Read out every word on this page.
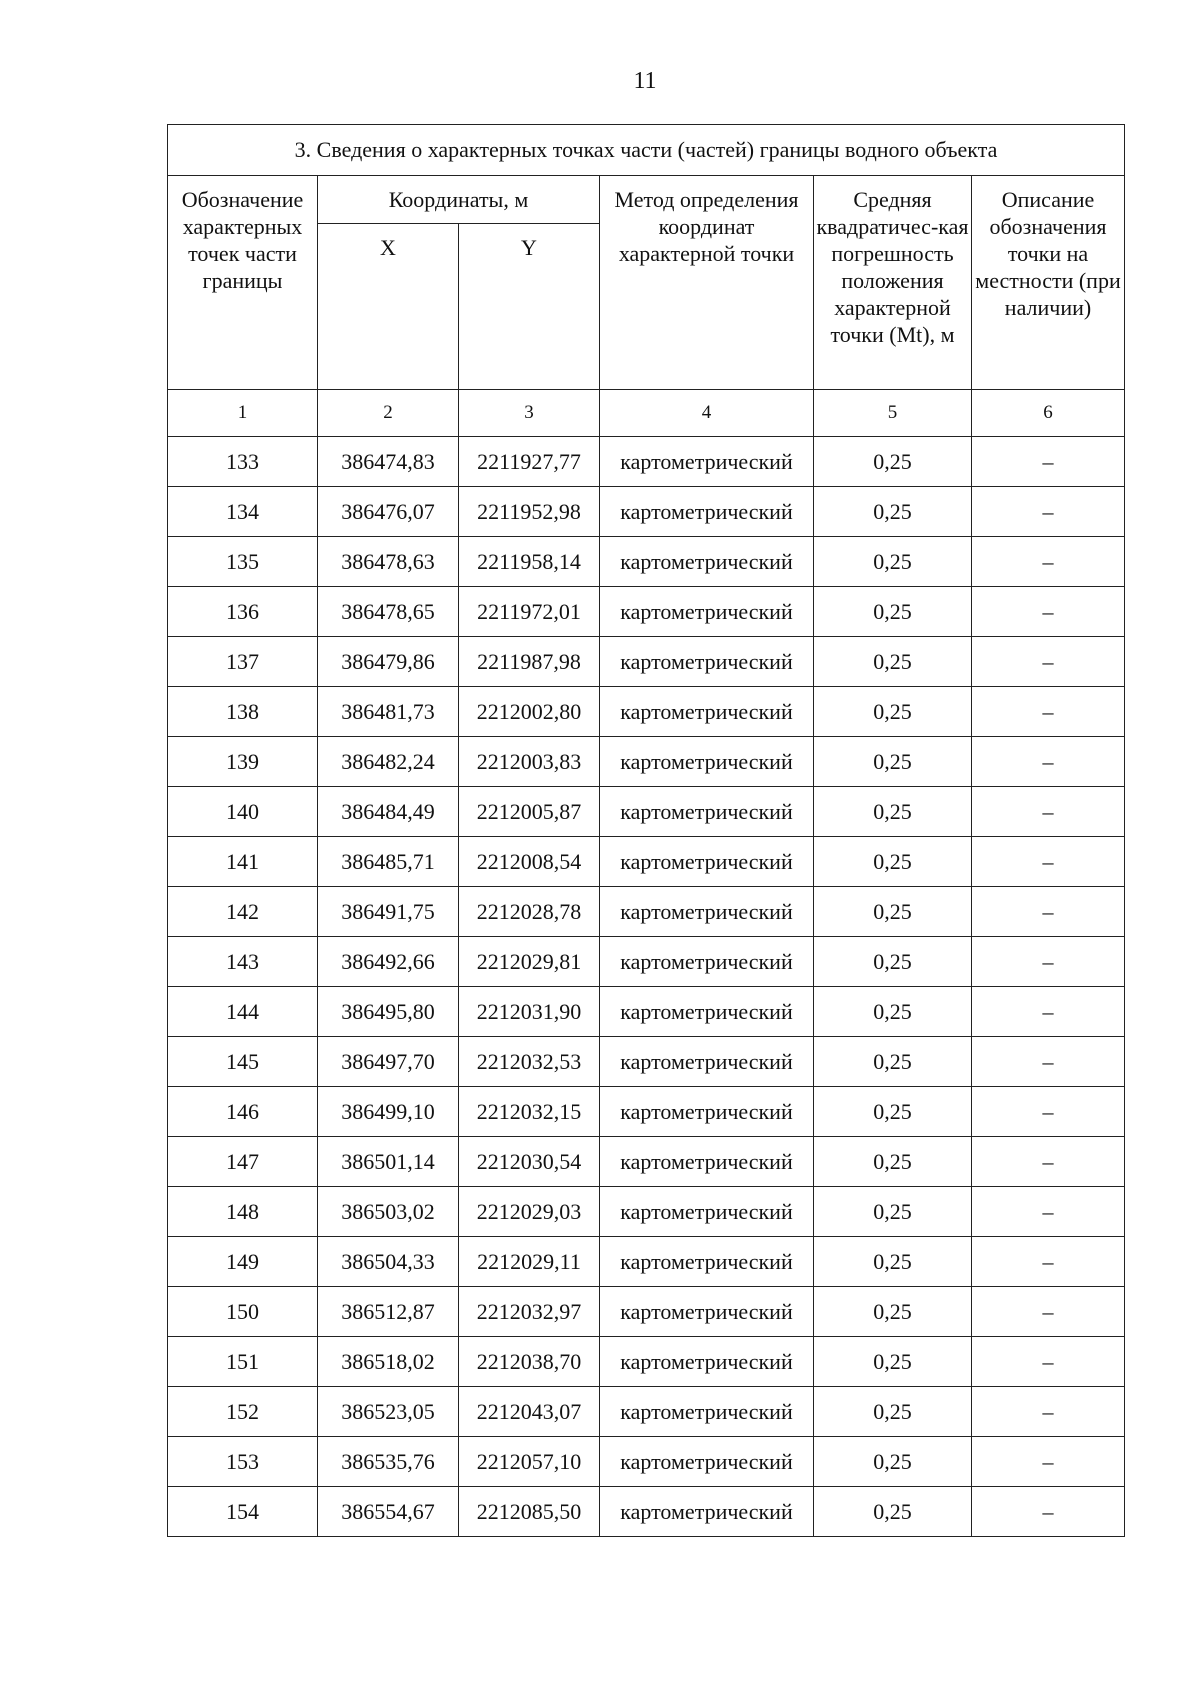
11
3. Сведения о характерных точках части (частей) границы водного объекта					
Обозначение характерных точек части границы	Координаты, м		Метод определения координат характерной точки	Средняя квадратичес-кая погрешность положения характерной точки (Mt), м	Описание обозначения точки на местности (при наличии)
	X	Y			
1	2	3	4	5	6
133	386474,83	2211927,77	картометрический	0,25	–
134	386476,07	2211952,98	картометрический	0,25	–
135	386478,63	2211958,14	картометрический	0,25	–
136	386478,65	2211972,01	картометрический	0,25	–
137	386479,86	2211987,98	картометрический	0,25	–
138	386481,73	2212002,80	картометрический	0,25	–
139	386482,24	2212003,83	картометрический	0,25	–
140	386484,49	2212005,87	картометрический	0,25	–
141	386485,71	2212008,54	картометрический	0,25	–
142	386491,75	2212028,78	картометрический	0,25	–
143	386492,66	2212029,81	картометрический	0,25	–
144	386495,80	2212031,90	картометрический	0,25	–
145	386497,70	2212032,53	картометрический	0,25	–
146	386499,10	2212032,15	картометрический	0,25	–
147	386501,14	2212030,54	картометрический	0,25	–
148	386503,02	2212029,03	картометрический	0,25	–
149	386504,33	2212029,11	картометрический	0,25	–
150	386512,87	2212032,97	картометрический	0,25	–
151	386518,02	2212038,70	картометрический	0,25	–
152	386523,05	2212043,07	картометрический	0,25	–
153	386535,76	2212057,10	картометрический	0,25	–
154	386554,67	2212085,50	картометрический	0,25	–
